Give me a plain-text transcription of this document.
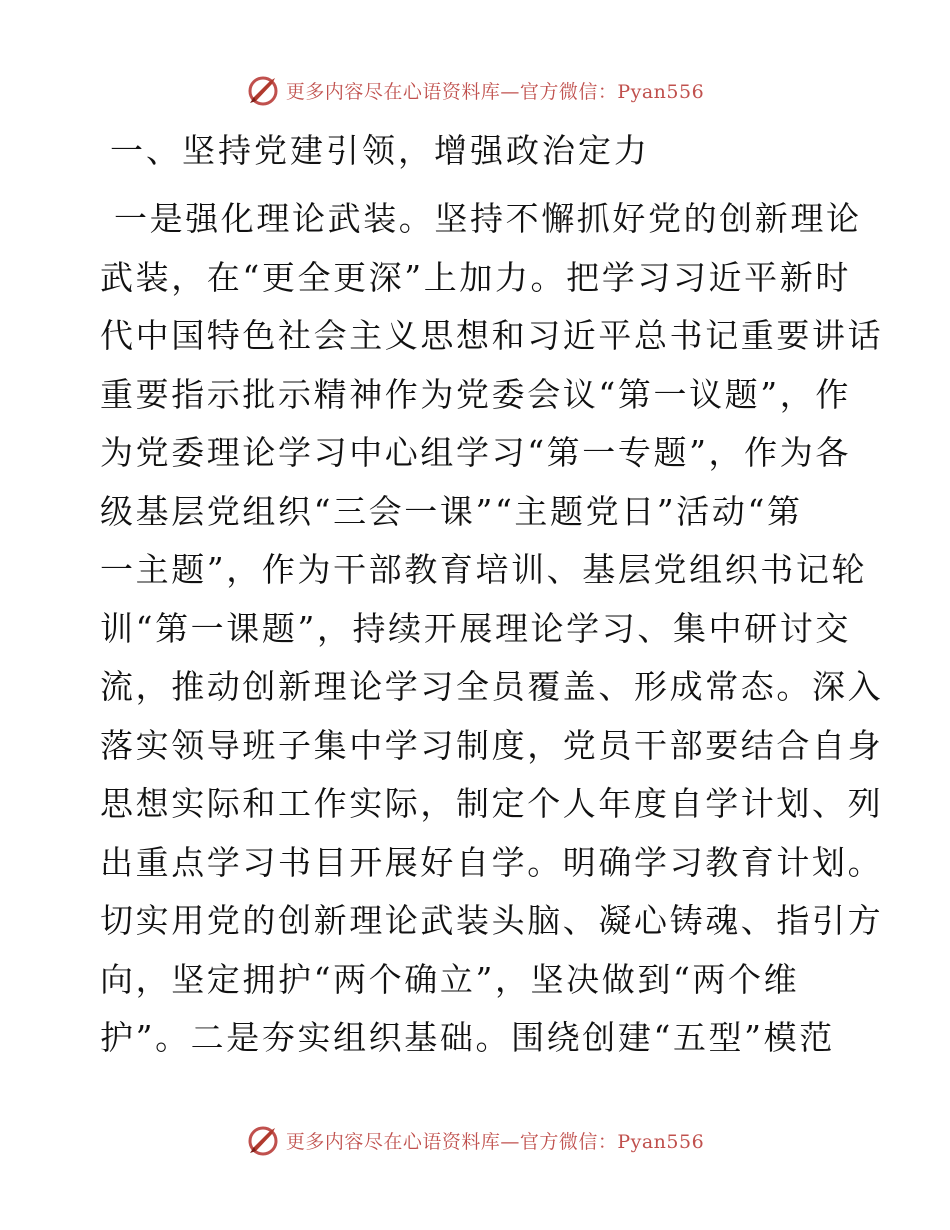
更多内容尽在心语资料库—官方微信：Pyan556
一、坚持党建引领，增强政治定力
一是强化理论武装。坚持不懈抓好党的创新理论
武装，在“更全更深”上加力。把学习习近平新时
代中国特色社会主义思想和习近平总书记重要讲话
重要指示批示精神作为党委会议“第一议题”，作
为党委理论学习中心组学习“第一专题”，作为各
级基层党组织“三会一课”“主题党日”活动“第
一主题”，作为干部教育培训、基层党组织书记轮
训“第一课题”，持续开展理论学习、集中研讨交
流，推动创新理论学习全员覆盖、形成常态。深入
落实领导班子集中学习制度，党员干部要结合自身
思想实际和工作实际，制定个人年度自学计划、列
出重点学习书目开展好自学。明确学习教育计划。
切实用党的创新理论武装头脑、凝心铸魂、指引方
向，坚定拥护“两个确立”，坚决做到“两个维
护”。二是夯实组织基础。围绕创建“五型”模范
更多内容尽在心语资料库—官方微信：Pyan556
